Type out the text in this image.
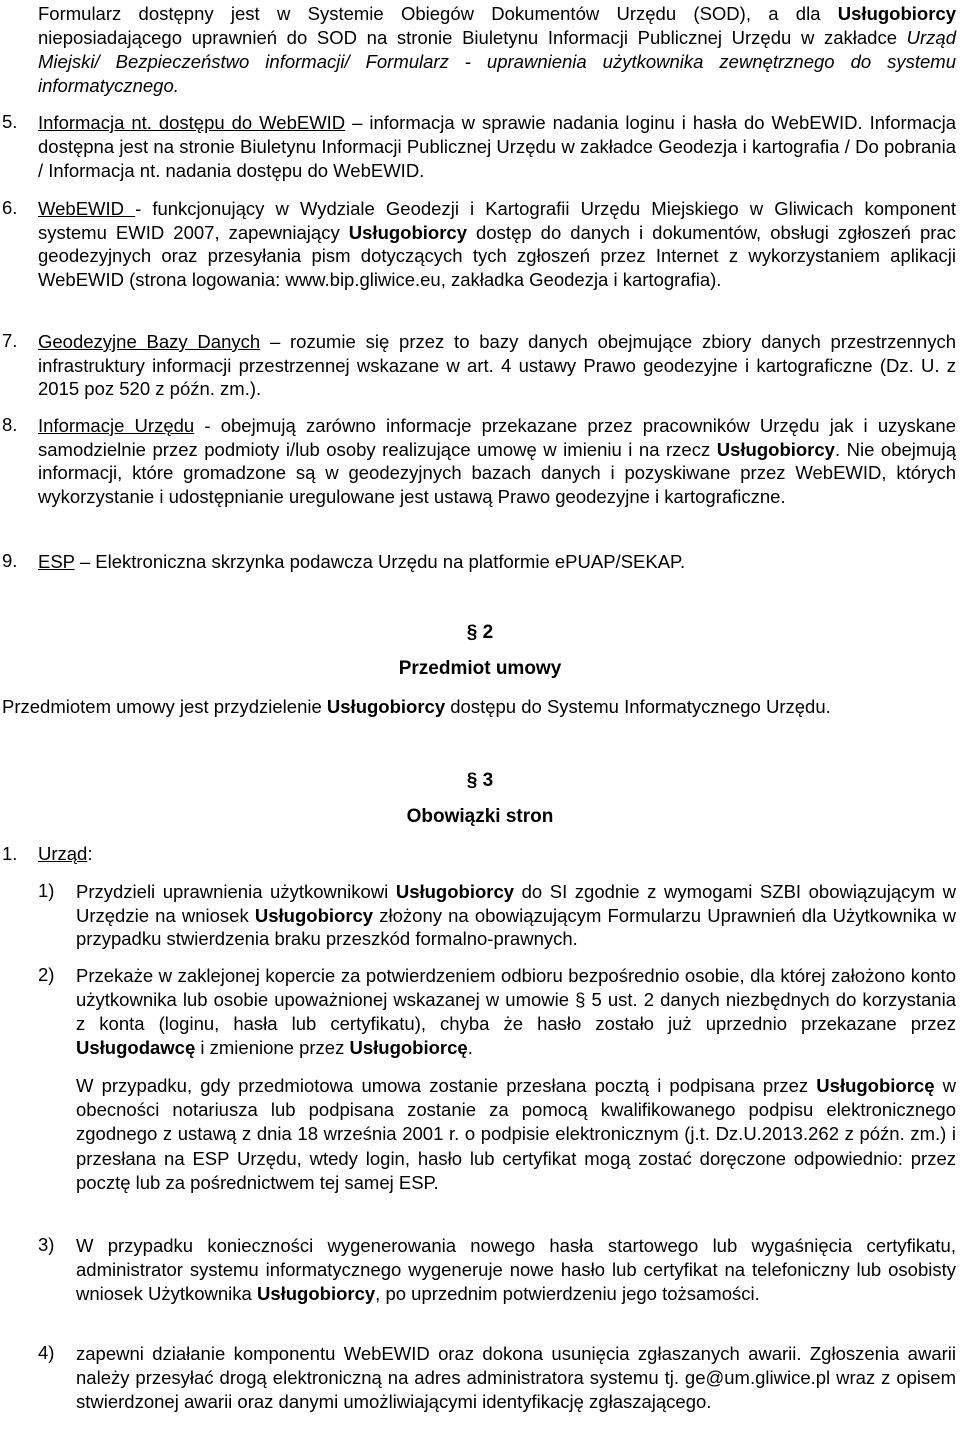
Formularz dostępny jest w Systemie Obiegów Dokumentów Urzędu (SOD), a dla Usługobiorcy nieposiadającego uprawnień do SOD na stronie Biuletynu Informacji Publicznej Urzędu w zakładce Urząd Miejski/ Bezpieczeństwo informacji/ Formularz - uprawnienia użytkownika zewnętrznego do systemu informatycznego.

5. Informacja nt. dostępu do WebEWID – informacja w sprawie nadania loginu i hasła do WebEWID. Informacja dostępna jest na stronie Biuletynu Informacji Publicznej Urzędu w zakładce Geodezja i kartografia / Do pobrania / Informacja nt. nadania dostępu do WebEWID.

6. WebEWID - funkcjonujący w Wydziale Geodezji i Kartografii Urzędu Miejskiego w Gliwicach komponent systemu EWID 2007, zapewniający Usługobiorcy dostęp do danych i dokumentów, obsługi zgłoszeń prac geodezyjnych oraz przesyłania pism dotyczących tych zgłoszeń przez Internet z wykorzystaniem aplikacji WebEWID (strona logowania: www.bip.gliwice.eu, zakładka Geodezja i kartografia).

7. Geodezyjne Bazy Danych – rozumie się przez to bazy danych obejmujące zbiory danych przestrzennych infrastruktury informacji przestrzennej wskazane w art. 4 ustawy Prawo geodezyjne i kartograficzne (Dz. U. z 2015 poz 520 z późn. zm.).

8. Informacje Urzędu - obejmują zarówno informacje przekazane przez pracowników Urzędu jak i uzyskane samodzielnie przez podmioty i/lub osoby realizujące umowę w imieniu i na rzecz Usługobiorcy. Nie obejmują informacji, które gromadzone są w geodezyjnych bazach danych i pozyskiwane przez WebEWID, których wykorzystanie i udostępnianie uregulowane jest ustawą Prawo geodezyjne i kartograficzne.

9. ESP – Elektroniczna skrzynka podawcza Urzędu na platformie ePUAP/SEKAP.

§ 2
Przedmiot umowy

Przedmiotem umowy jest przydzielenie Usługobiorcy dostępu do Systemu Informatycznego Urzędu.

§ 3
Obowiązki stron
1. Urząd:
1) Przydzieli uprawnienia użytkownikowi Usługobiorcy do SI zgodnie z wymogami SZBI obowiązującym w Urzędzie na wniosek Usługobiorcy złożony na obowiązującym Formularzu Uprawnień dla Użytkownika w przypadku stwierdzenia braku przeszkód formalno-prawnych.

2) Przekaże w zaklejonej kopercie za potwierdzeniem odbioru bezpośrednio osobie, dla której założono konto użytkownika lub osobie upoważnionej wskazanej w umowie § 5 ust. 2 danych niezbędnych do korzystania z konta (loginu, hasła lub certyfikatu), chyba że hasło zostało już uprzednio przekazane przez Usługodawcę i zmienione przez Usługobiorcę.

W przypadku, gdy przedmiotowa umowa zostanie przesłana pocztą i podpisana przez Usługobiorcę w obecności notariusza lub podpisana zostanie za pomocą kwalifikowanego podpisu elektronicznego zgodnego z ustawą z dnia 18 września 2001 r. o podpisie elektronicznym (j.t. Dz.U.2013.262 z późn. zm.) i przesłana na ESP Urzędu, wtedy login, hasło lub certyfikat mogą zostać doręczone odpowiednio: przez pocztę lub za pośrednictwem tej samej ESP.

3) W przypadku konieczności wygenerowania nowego hasła startowego lub wygaśnięcia certyfikatu, administrator systemu informatycznego wygeneruje nowe hasło lub certyfikat na telefoniczny lub osobisty wniosek Użytkownika Usługobiorcy, po uprzednim potwierdzeniu jego tożsamości.

4) zapewni działanie komponentu WebEWID oraz dokona usunięcia zgłaszanych awarii. Zgłoszenia awarii należy przesyłać drogą elektroniczną na adres administratora systemu tj. ge@um.gliwice.pl wraz z opisem stwierdzonej awarii oraz danymi umożliwiającymi identyfikację zgłaszającego.
